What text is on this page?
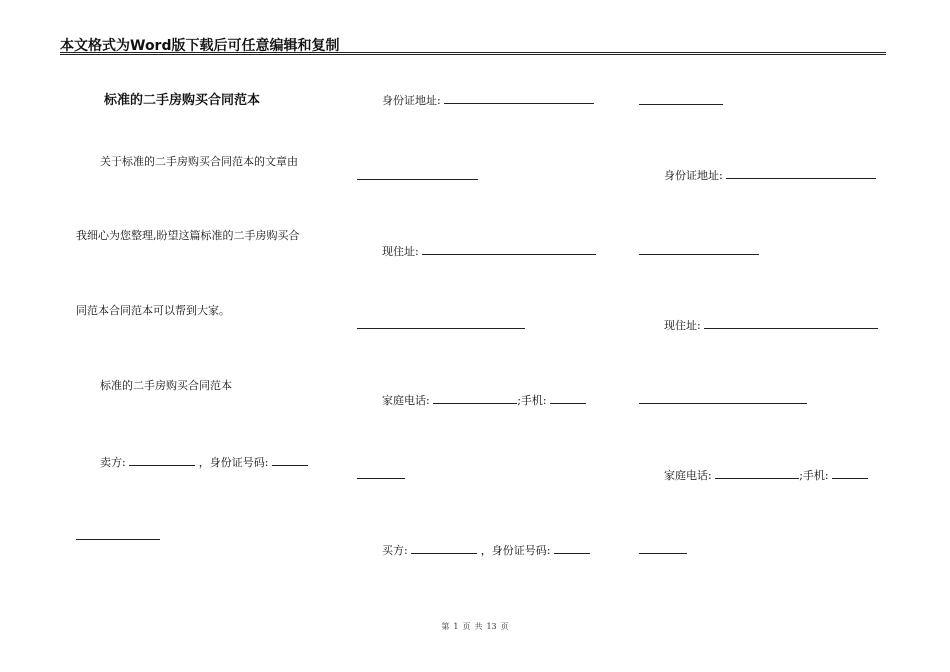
本文格式为Word版下载后可任意编辑和复制
标准的二手房购买合同范本
关于标准的二手房购买合同范本的文章由
我细心为您整理,盼望这篇标准的二手房购买合
同范本合同范本可以帮到大家。
标准的二手房购买合同范本
卖方:	，身份证号码:
身份证地址:
现住址:
家庭电话:	;手机:
买方:	，身份证号码:
身份证地址:
现住址:
家庭电话:	;手机:
第 1 页 共 13 页
